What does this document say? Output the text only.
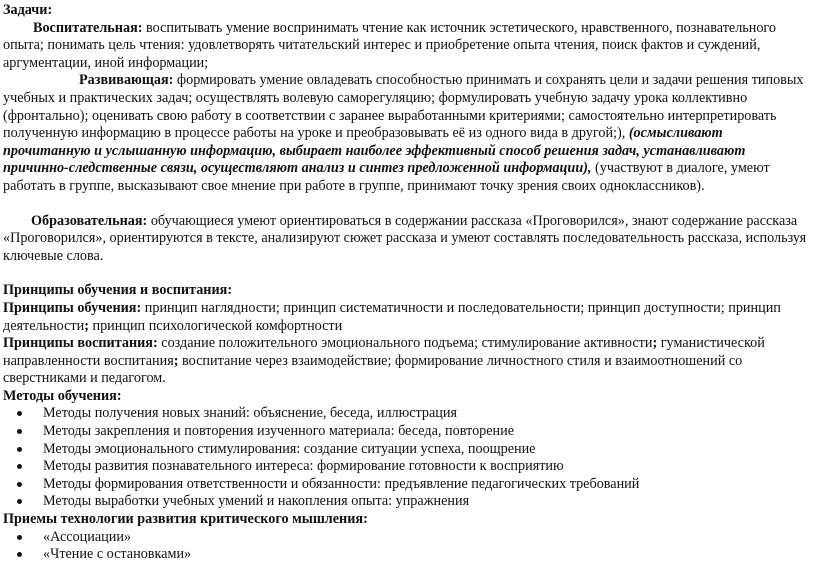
Задачи:

Воспитательная: воспитывать умение воспринимать чтение как источник эстетического, нравственного, познавательного опыта; понимать цель чтения: удовлетворять читательский интерес и приобретение опыта чтения, поиск фактов и суждений, аргументации, иной информации;

Развивающая: формировать умение овладевать способностью принимать и сохранять цели и задачи решения типовых учебных и практических задач; осуществлять волевую саморегуляцию; формулировать учебную задачу урока коллективно (фронтально); оценивать свою работу в соответствии с заранее выработанными критериями; самостоятельно интерпретировать полученную информацию в процессе работы на уроке и преобразовывать её из одного вида в другой;), (осмысливают прочитанную и услышанную информацию, выбирает наиболее эффективный способ решения задач, устанавливают причинно-следственные связи, осуществляют анализ и синтез предложенной информации), (участвуют в диалоге, умеют работать в группе, высказывают свое мнение при работе в группе, принимают точку зрения своих одноклассников).

Образовательная: обучающиеся умеют ориентироваться в содержании рассказа «Проговорился», знают содержание рассказа «Проговорился», ориентируются в тексте, анализируют сюжет рассказа и умеют составлять последовательность рассказа, используя ключевые слова.

Принципы обучения и воспитания:

Принципы обучения: принцип наглядности; принцип систематичности и последовательности; принцип доступности; принцип деятельности; принцип психологической комфортности

Принципы воспитания: создание положительного эмоционального подъема; стимулирование активности; гуманистической направленности воспитания; воспитание через взаимодействие; формирование личностного стиля и взаимоотношений со сверстниками и педагогом.

Методы обучения:

Методы получения новых знаний: объяснение, беседа, иллюстрация
Методы закрепления и повторения изученного материала: беседа, повторение
Методы эмоционального стимулирования: создание ситуации успеха, поощрение
Методы развития познавательного интереса: формирование готовности к восприятию
Методы формирования ответственности и обязанности: предъявление педагогических требований
Методы выработки учебных умений и накопления опыта: упражнения

Приемы технологии развития критического мышления:

«Ассоциации»
«Чтение с остановками»
